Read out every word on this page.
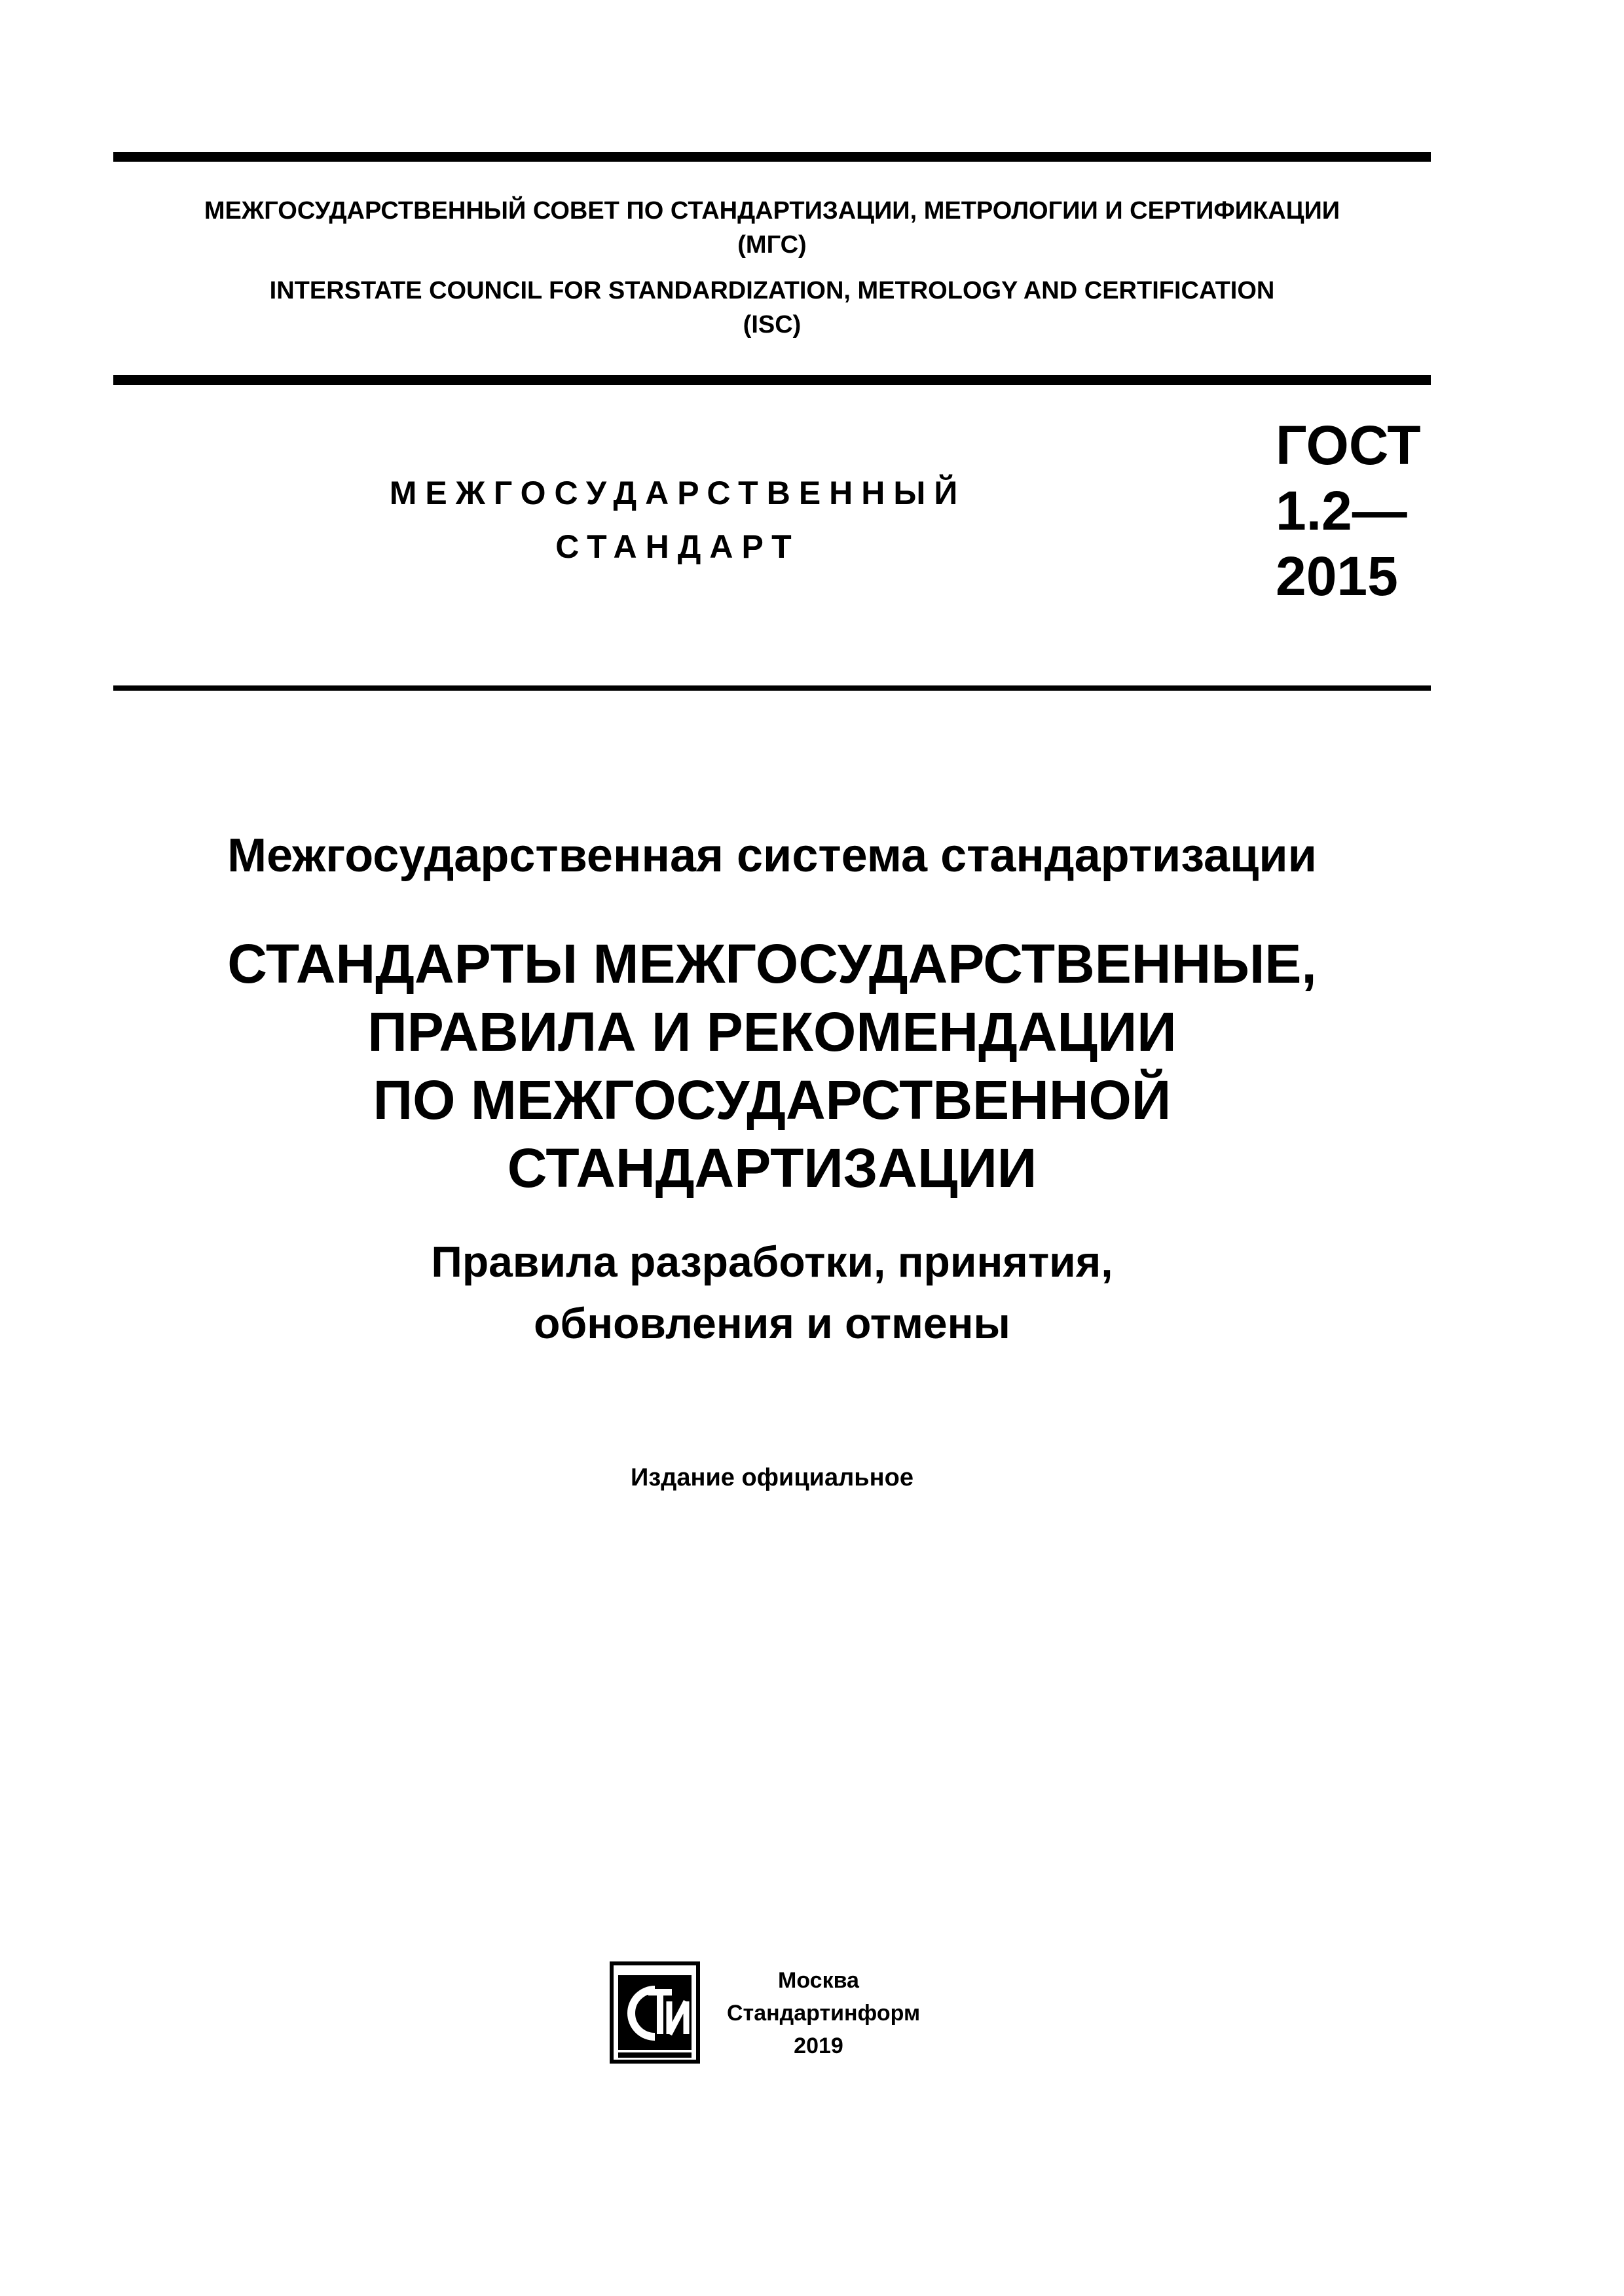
МЕЖГОСУДАРСТВЕННЫЙ СОВЕТ ПО СТАНДАРТИЗАЦИИ, МЕТРОЛОГИИ И СЕРТИФИКАЦИИ
(МГС)
INTERSTATE COUNCIL FOR STANDARDIZATION, METROLOGY AND CERTIFICATION
(ISC)
МЕЖГОСУДАРСТВЕННЫЙ
СТАНДАРТ
ГОСТ
1.2—
2015
Межгосударственная система стандартизации
СТАНДАРТЫ МЕЖГОСУДАРСТВЕННЫЕ,
ПРАВИЛА И РЕКОМЕНДАЦИИ
ПО МЕЖГОСУДАРСТВЕННОЙ
СТАНДАРТИЗАЦИИ
Правила разработки, принятия,
обновления и отмены
Издание официальное
Москва
Стандартинформ
2019
